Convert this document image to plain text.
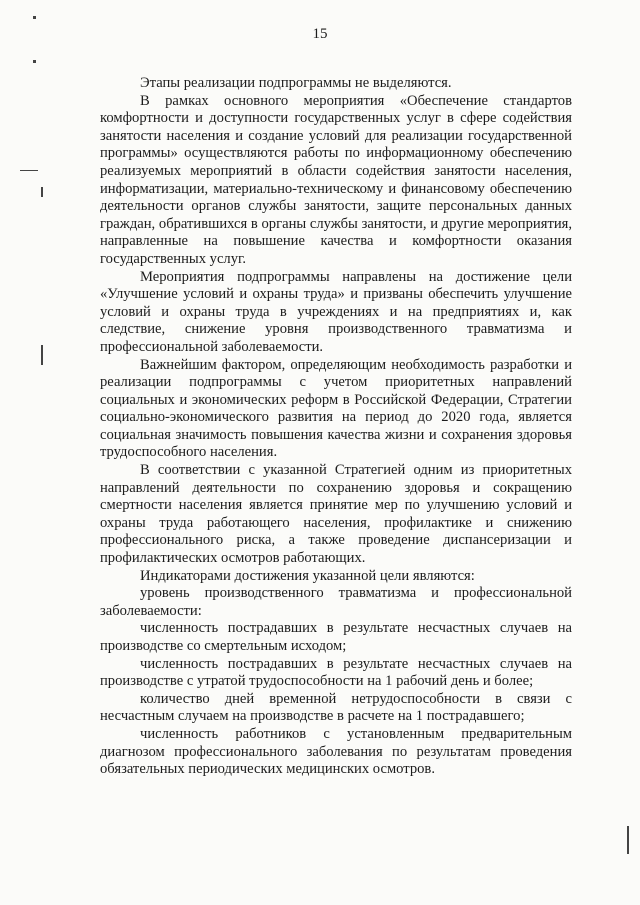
15

Этапы реализации подпрограммы не выделяются.

В рамках основного мероприятия «Обеспечение стандартов комфортности и доступности государственных услуг в сфере содействия занятости населения и создание условий для реализации государственной программы» осуществляются работы по информационному обеспечению реализуемых мероприятий в области содействия занятости населения, информатизации, материально-техническому и финансовому обеспечению деятельности органов службы занятости, защите персональных данных граждан, обратившихся в органы службы занятости, и другие мероприятия, направленные на повышение качества и комфортности оказания государственных услуг.

Мероприятия подпрограммы направлены на достижение цели «Улучшение условий и охраны труда» и призваны обеспечить улучшение условий и охраны труда в учреждениях и на предприятиях и, как следствие, снижение уровня производственного травматизма и профессиональной заболеваемости.

Важнейшим фактором, определяющим необходимость разработки и реализации подпрограммы с учетом приоритетных направлений социальных и экономических реформ в Российской Федерации, Стратегии социально-экономического развития на период до 2020 года, является социальная значимость повышения качества жизни и сохранения здоровья трудоспособного населения.

В соответствии с указанной Стратегией одним из приоритетных направлений деятельности по сохранению здоровья и сокращению смертности населения является принятие мер по улучшению условий и охраны труда работающего населения, профилактике и снижению профессионального риска, а также проведение диспансеризации и профилактических осмотров работающих.

Индикаторами достижения указанной цели являются:

уровень производственного травматизма и профессиональной заболеваемости:

численность пострадавших в результате несчастных случаев на производстве со смертельным исходом;

численность пострадавших в результате несчастных случаев на производстве с утратой трудоспособности на 1 рабочий день и более;

количество дней временной нетрудоспособности в связи с несчастным случаем на производстве в расчете на 1 пострадавшего;

численность работников с установленным предварительным диагнозом профессионального заболевания по результатам проведения обязательных периодических медицинских осмотров.
